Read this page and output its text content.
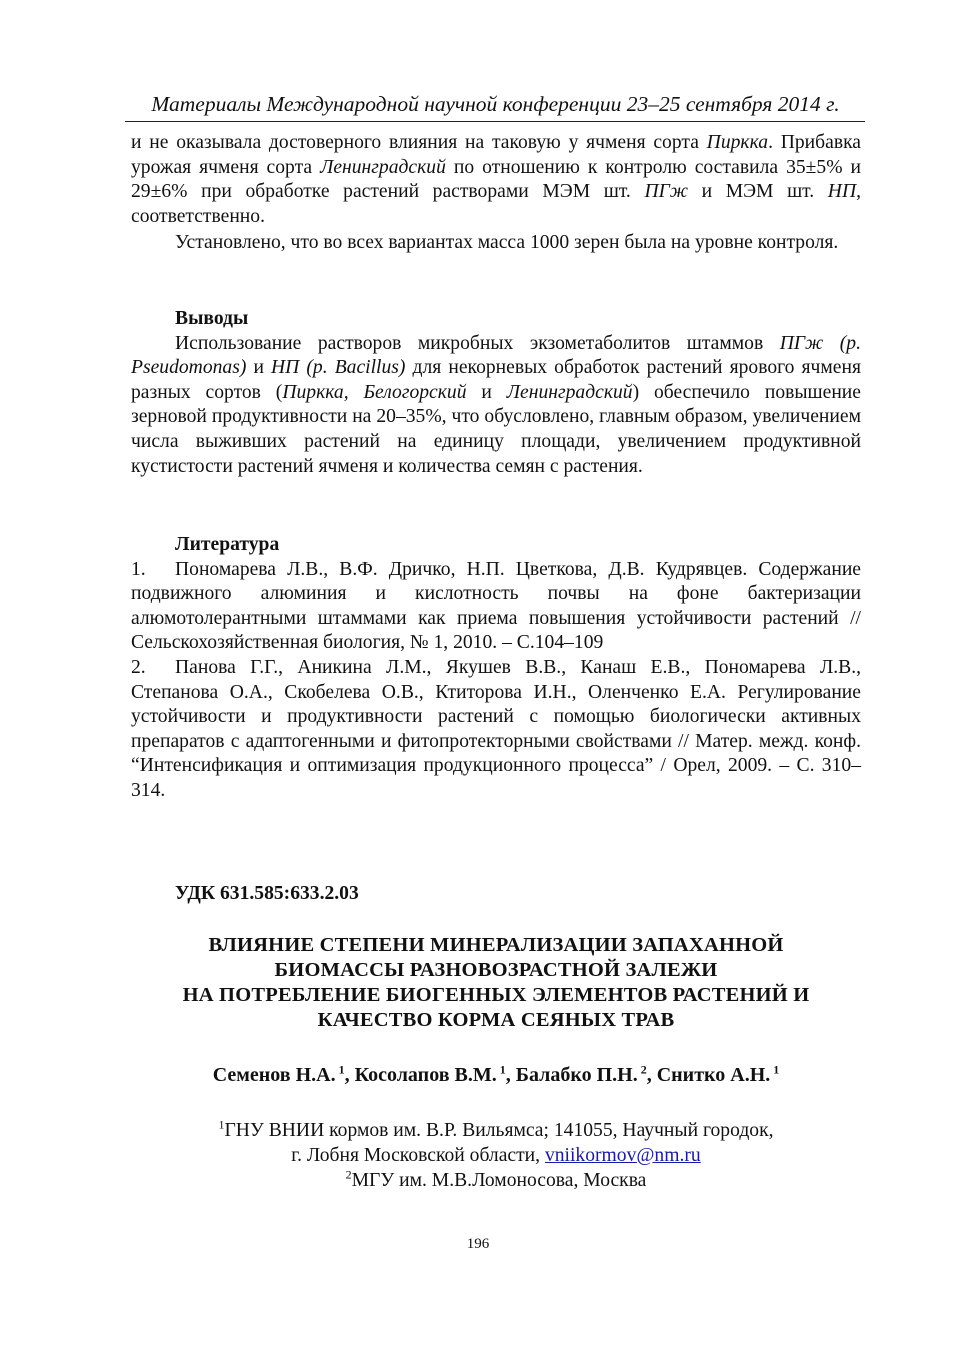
Материалы Международной научной конференции 23–25 сентября 2014 г.

и не оказывала достоверного влияния на таковую у ячменя сорта Пиркка. Прибавка урожая ячменя сорта Ленинградский по отношению к контролю составила 35±5% и 29±6% при обработке растений растворами МЭМ шт. ПГж и МЭМ шт. НП, соответственно.

Установлено, что во всех вариантах масса 1000 зерен была на уровне контроля.

Выводы

Использование растворов микробных экзометаболитов штаммов ПГж (р. Pseudomonas) и НП (р. Bacillus) для некорневых обработок растений ярового ячменя разных сортов (Пиркка, Белогорский и Ленинградский) обеспечило повышение зерновой продуктивности на 20–35%, что обусловлено, главным образом, увеличением числа выживших растений на единицу площади, увеличением продуктивной кустистости растений ячменя и количества семян с растения.

Литература

1. Пономарева Л.В., В.Ф. Дричко, Н.П. Цветкова, Д.В. Кудрявцев. Содержание подвижного алюминия и кислотность почвы на фоне бактеризации алюмотолерантными штаммами как приема повышения устойчивости растений // Сельскохозяйственная биология, № 1, 2010. – С.104–109

2. Панова Г.Г., Аникина Л.М., Якушев В.В., Канаш Е.В., Пономарева Л.В., Степанова О.А., Скобелева О.В., Ктиторова И.Н., Оленченко Е.А. Регулирование устойчивости и продуктивности растений с помощью биологически активных препаратов с адаптогенными и фитопротекторными свойствами // Матер. межд. конф. “Интенсификация и оптимизация продукционного процесса” / Орел, 2009. – С. 310–314.

УДК 631.585:633.2.03
ВЛИЯНИЕ СТЕПЕНИ МИНЕРАЛИЗАЦИИ ЗАПАХАННОЙ
БИОМАССЫ РАЗНОВОЗРАСТНОЙ ЗАЛЕЖИ
НА ПОТРЕБЛЕНИЕ БИОГЕННЫХ ЭЛЕМЕНТОВ РАСТЕНИЙ И
КАЧЕСТВО КОРМА СЕЯНЫХ ТРАВ
Семенов Н.А. $^1$, Косолапов В.М. $^1$, Балабко П.Н. $^2$, Снитко А.Н. $^1$
$^1$ГНУ ВНИИ кормов им. В.Р. Вильямса; 141055, Научный городок,
г. Лобня Московской области, vniikormov@nm.ru
$^2$МГУ им. М.В.Ломоносова, Москва
196
